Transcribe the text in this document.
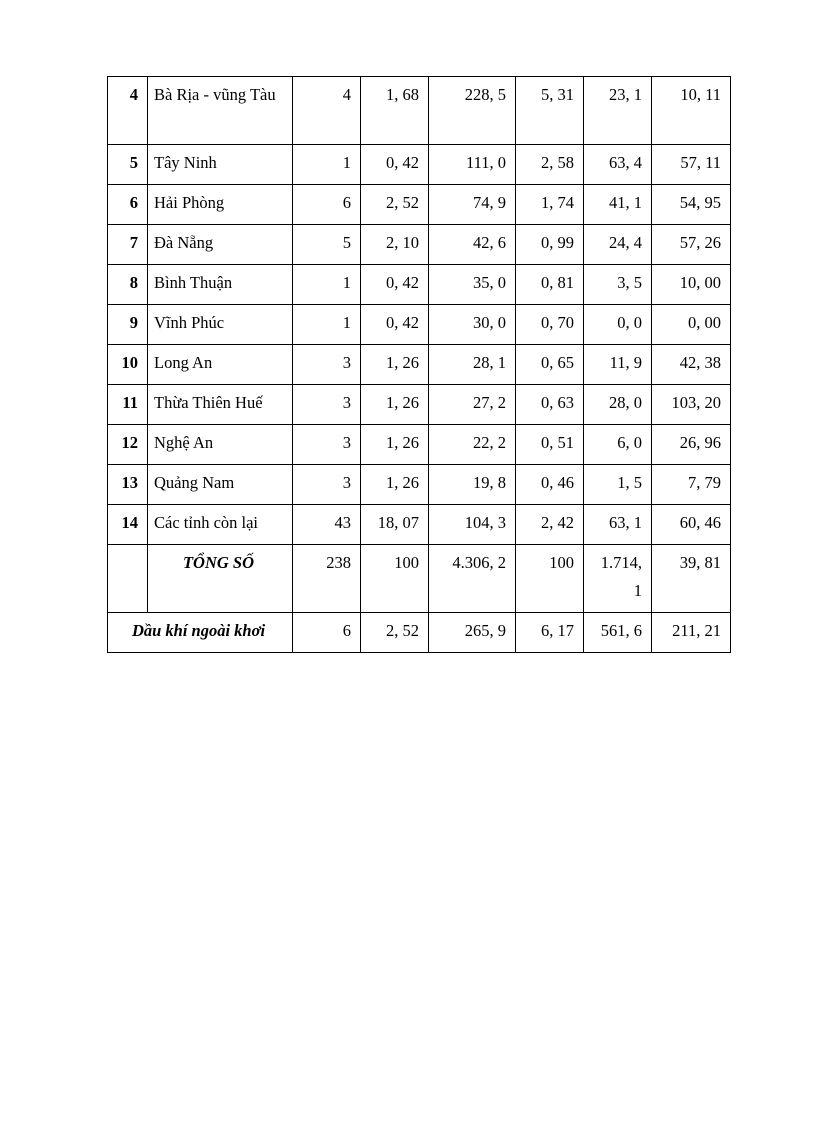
4	Bà Rịa - vũng Tàu	4	1, 68	228, 5	5, 31	23, 1	10, 11
5	Tây Ninh	1	0, 42	111, 0	2, 58	63, 4	57, 11
6	Hải Phòng	6	2, 52	74, 9	1, 74	41, 1	54, 95
7	Đà Nẵng	5	2, 10	42, 6	0, 99	24, 4	57, 26
8	Bình Thuận	1	0, 42	35, 0	0, 81	3, 5	10, 00
9	Vĩnh Phúc	1	0, 42	30, 0	0, 70	0, 0	0, 00
10	Long An	3	1, 26	28, 1	0, 65	11, 9	42, 38
11	Thừa Thiên Huế	3	1, 26	27, 2	0, 63	28, 0	103, 20
12	Nghệ An	3	1, 26	22, 2	0, 51	6, 0	26, 96
13	Quảng Nam	3	1, 26	19, 8	0, 46	1, 5	7, 79
14	Các tỉnh còn lại	43	18, 07	104, 3	2, 42	63, 1	60, 46
	TỔNG SỐ	238	100	4.306, 2	100	1.714, 1	39, 81
Dầu khí ngoài khơi		6	2, 52	265, 9	6, 17	561, 6	211, 21
